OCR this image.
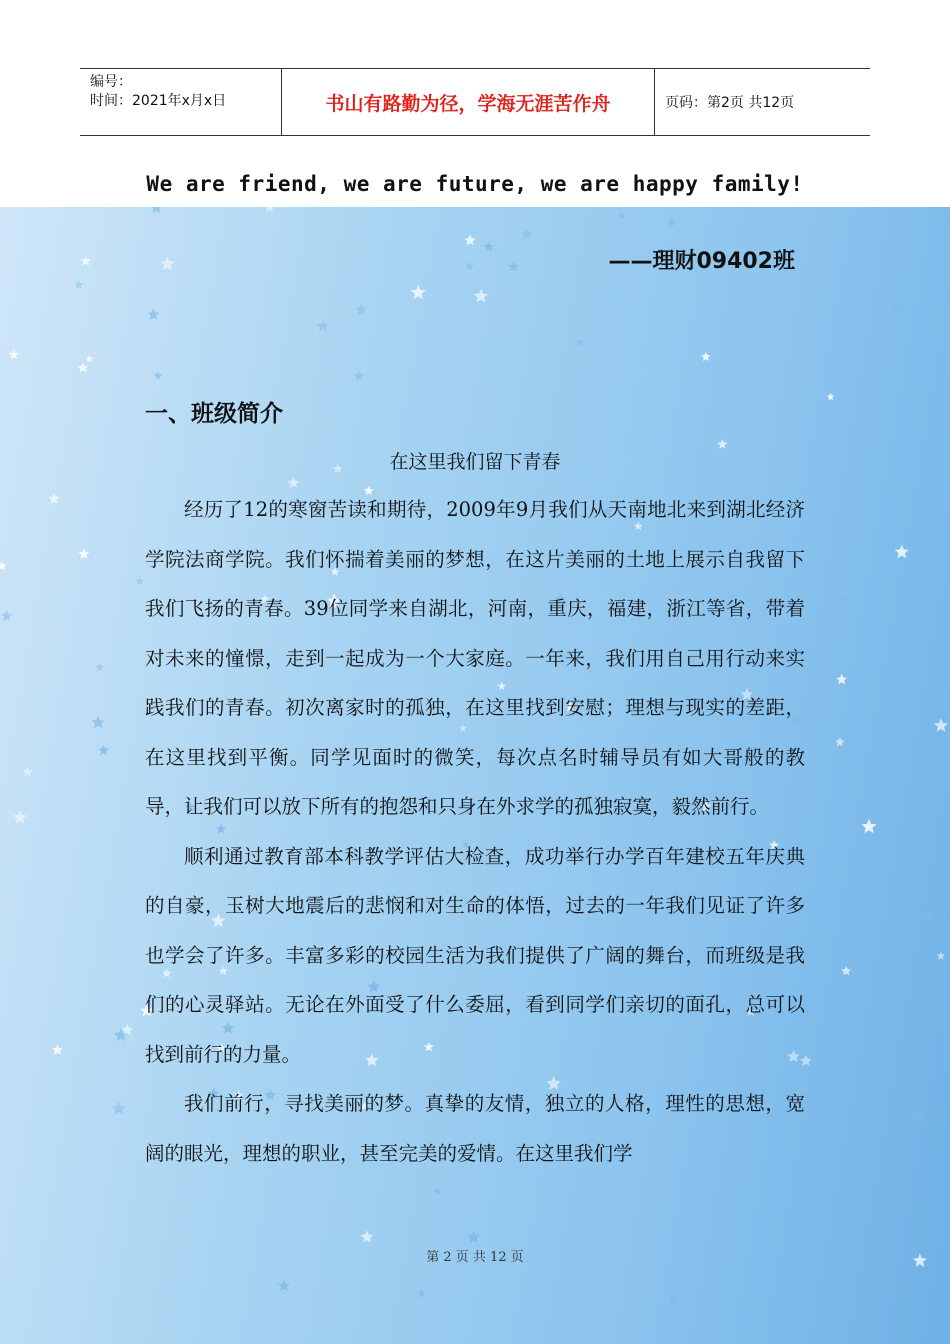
编号：
时间：2021年x月x日	书山有路勤为径，学海无涯苦作舟	页码：第2页 共12页
We are friend, we are future, we are happy family!
——理财09402班
一、班级简介
在这里我们留下青春

经历了12的寒窗苦读和期待，2009年9月我们从天南地北来到湖北经济学院法商学院。我们怀揣着美丽的梦想，在这片美丽的土地上展示自我留下我们飞扬的青春。39位同学来自湖北，河南，重庆，福建，浙江等省，带着对未来的憧憬，走到一起成为一个大家庭。一年来，我们用自己用行动来实践我们的青春。初次离家时的孤独，在这里找到安慰；理想与现实的差距，在这里找到平衡。同学见面时的微笑，每次点名时辅导员有如大哥般的教导，让我们可以放下所有的抱怨和只身在外求学的孤独寂寞，毅然前行。

顺利通过教育部本科教学评估大检查，成功举行办学百年建校五年庆典的自豪，玉树大地震后的悲悯和对生命的体悟，过去的一年我们见证了许多也学会了许多。丰富多彩的校园生活为我们提供了广阔的舞台，而班级是我们的心灵驿站。无论在外面受了什么委屈，看到同学们亲切的面孔，总可以找到前行的力量。

我们前行，寻找美丽的梦。真挚的友情，独立的人格，理性的思想，宽阔的眼光，理想的职业，甚至完美的爱情。在这里我们学

第 2 页 共 12 页
